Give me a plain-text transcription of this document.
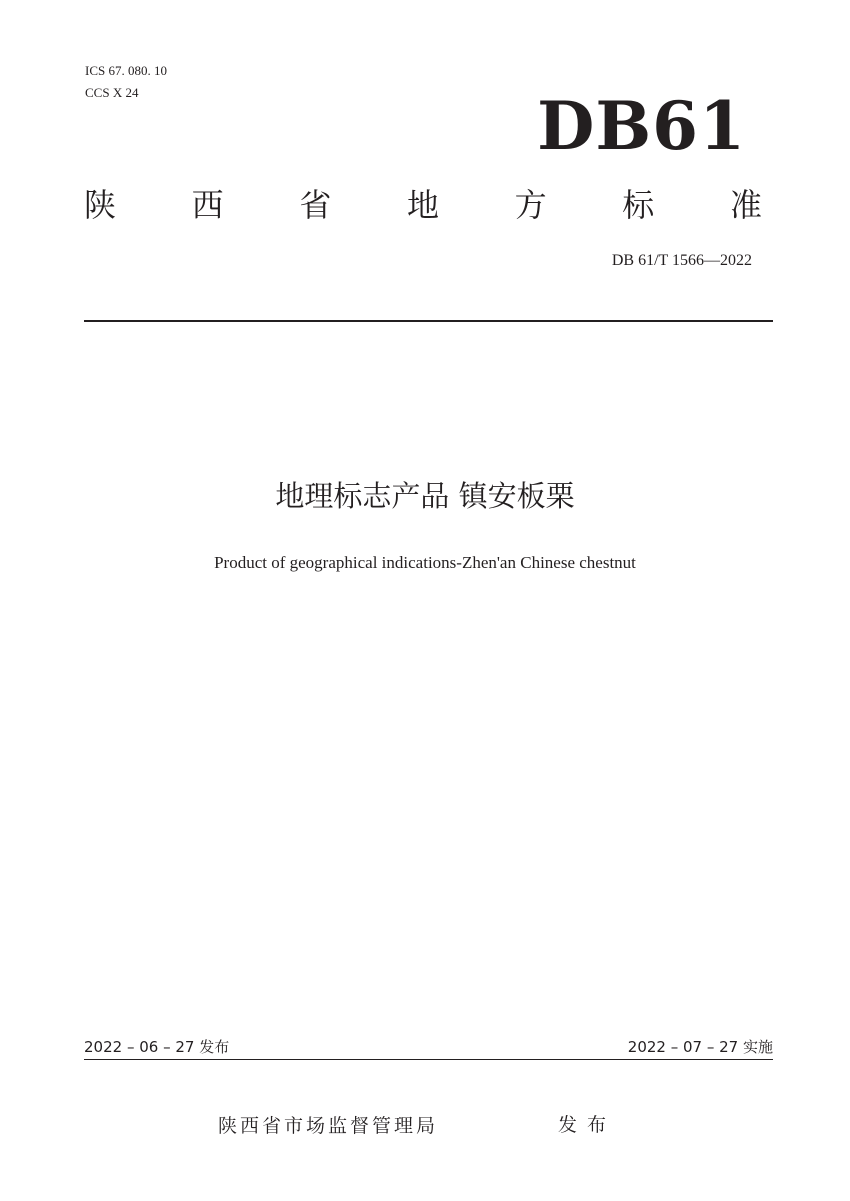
ICS 67. 080. 10
CCS X 24	DB61
陕 西 省 地 方 标 准
DB 61/T 1566—2022
地理标志产品 镇安板栗
Product of geographical indications-Zhen'an Chinese chestnut
2022 – 06 – 27 发布	2022 – 07 – 27 实施
陕西省市场监督管理局	发布
